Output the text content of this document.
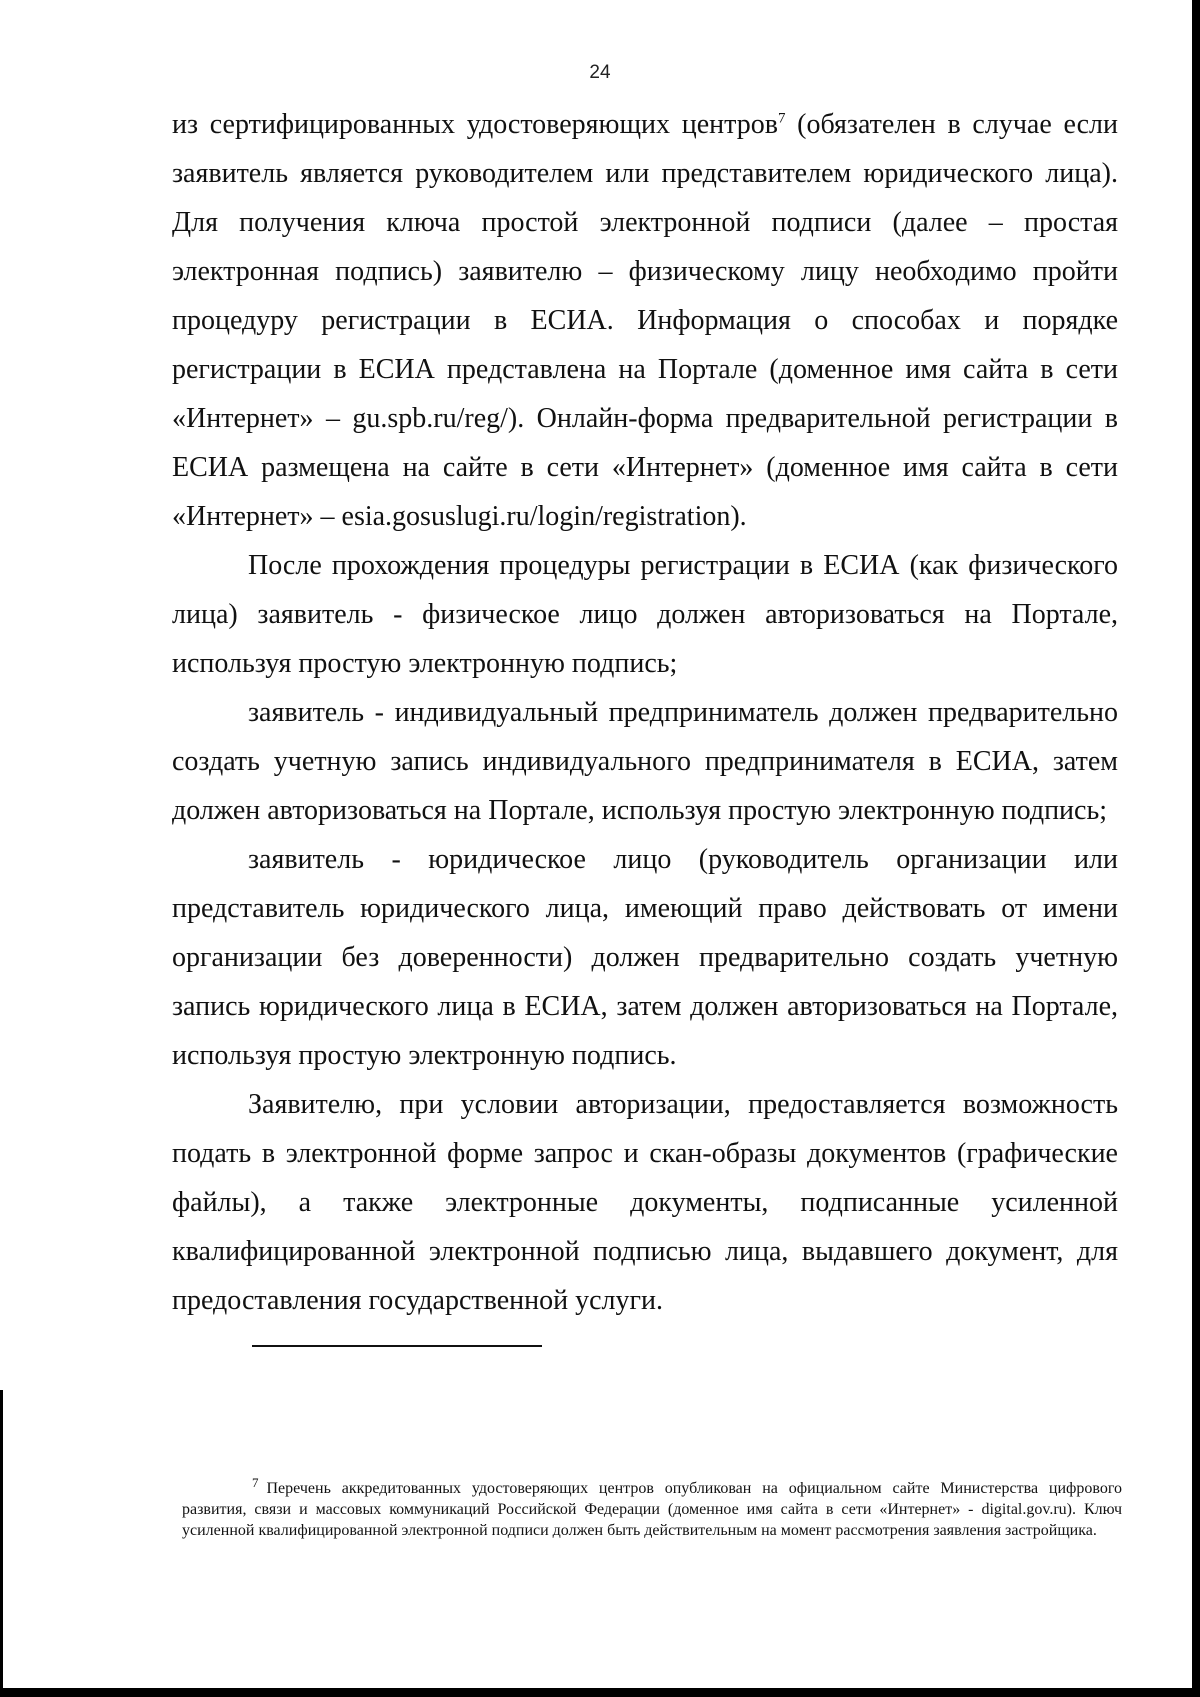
24

из сертифицированных удостоверяющих центров$^7$ (обязателен в случае если заявитель является руководителем или представителем юридического лица). Для получения ключа простой электронной подписи (далее – простая электронная подпись) заявителю – физическому лицу необходимо пройти процедуру регистрации в ЕСИА. Информация о способах и порядке регистрации в ЕСИА представлена на Портале (доменное имя сайта в сети «Интернет» – gu.spb.ru/reg/). Онлайн-форма предварительной регистрации в ЕСИА размещена на сайте в сети «Интернет» (доменное имя сайта в сети «Интернет» – esia.gosuslugi.ru/login/registration).

После прохождения процедуры регистрации в ЕСИА (как физического лица) заявитель - физическое лицо должен авторизоваться на Портале, используя простую электронную подпись;

заявитель - индивидуальный предприниматель должен предварительно создать учетную запись индивидуального предпринимателя в ЕСИА, затем должен авторизоваться на Портале, используя простую электронную подпись;

заявитель - юридическое лицо (руководитель организации или представитель юридического лица, имеющий право действовать от имени организации без доверенности) должен предварительно создать учетную запись юридического лица в ЕСИА, затем должен авторизоваться на Портале, используя простую электронную подпись.

Заявителю, при условии авторизации, предоставляется возможность подать в электронной форме запрос и скан-образы документов (графические файлы), а также электронные документы, подписанные усиленной квалифицированной электронной подписью лица, выдавшего документ, для предоставления государственной услуги.

$^7$ Перечень аккредитованных удостоверяющих центров опубликован на официальном сайте Министерства цифрового развития, связи и массовых коммуникаций Российской Федерации (доменное имя сайта в сети «Интернет» - digital.gov.ru). Ключ усиленной квалифицированной электронной подписи должен быть действительным на момент рассмотрения заявления застройщика.
